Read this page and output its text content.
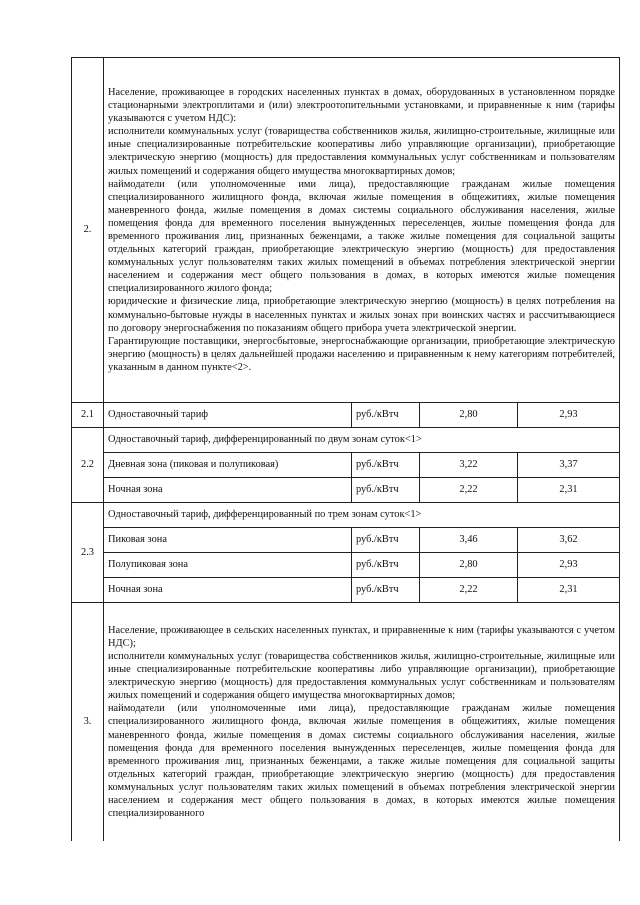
2.	Население, проживающее в городских населенных пунктах в домах, оборудованных в установленном порядке стационарными электроплитами и (или) электроотопительными установками, и приравненные к ним (тарифы указываются с учетом НДС):

исполнители коммунальных услуг (товарищества собственников жилья, жилищно-строительные, жилищные или иные специализированные потребительские кооперативы либо управляющие организации), приобретающие электрическую энергию (мощность) для предоставления коммунальных услуг собственникам и пользователям жилых помещений и содержания общего имущества многоквартирных домов;

наймодатели (или уполномоченные ими лица), предоставляющие гражданам жилые помещения специализированного жилищного фонда, включая жилые помещения в общежитиях, жилые помещения маневренного фонда, жилые помещения в домах системы социального обслуживания населения, жилые помещения фонда для временного поселения вынужденных переселенцев, жилые помещения фонда для временного проживания лиц, признанных беженцами, а также жилые помещения для социальной защиты отдельных категорий граждан, приобретающие электрическую энергию (мощность) для предоставления коммунальных услуг пользователям таких жилых помещений в объемах потребления электрической энергии населением и содержания мест общего пользования в домах, в которых имеются жилые помещения специализированного жилого фонда;

юридические и физические лица, приобретающие электрическую энергию (мощность) в целях потребления на коммунально-бытовые нужды в населенных пунктах и жилых зонах при воинских частях и рассчитывающиеся по договору энергоснабжения по показаниям общего прибора учета электрической энергии.

Гарантирующие поставщики, энергосбытовые, энергоснабжающие организации, приобретающие электрическую энергию (мощность) в целях дальнейшей продажи населению и приравненным к нему категориям потребителей, указанным в данном пункте<2>.			

2.1	Одноставочный тариф	руб./кВтч	2,80	2,93
2.2	Одноставочный тариф, дифференцированный по двум зонам суток<1>			
	Дневная зона (пиковая и полупиковая)	руб./кВтч	3,22	3,37
	Ночная зона	руб./кВтч	2,22	2,31
2.3	Одноставочный тариф, дифференцированный по трем зонам суток<1>			
	Пиковая зона	руб./кВтч	3,46	3,62
	Полупиковая зона	руб./кВтч	2,80	2,93
	Ночная зона	руб./кВтч	2,22	2,31
3.	Население, проживающее в сельских населенных пунктах, и приравненные к ним (тарифы указываются с учетом НДС);

исполнители коммунальных услуг (товарищества собственников жилья, жилищно-строительные, жилищные или иные специализированные потребительские кооперативы либо управляющие организации), приобретающие электрическую энергию (мощность) для предоставления коммунальных услуг собственникам и пользователям жилых помещений и содержания общего имущества многоквартирных домов;

наймодатели (или уполномоченные ими лица), предоставляющие гражданам жилые помещения специализированного жилищного фонда, включая жилые помещения в общежитиях, жилые помещения маневренного фонда, жилые помещения в домах системы социального обслуживания населения, жилые помещения фонда для временного поселения вынужденных переселенцев, жилые помещения фонда для временного проживания лиц, признанных беженцами, а также жилые помещения для социальной защиты отдельных категорий граждан, приобретающие электрическую энергию (мощность) для предоставления коммунальных услуг пользователям таких жилых помещений в объемах потребления электрической энергии населением и содержания мест общего пользования в домах, в которых имеются жилые помещения специализированного			
